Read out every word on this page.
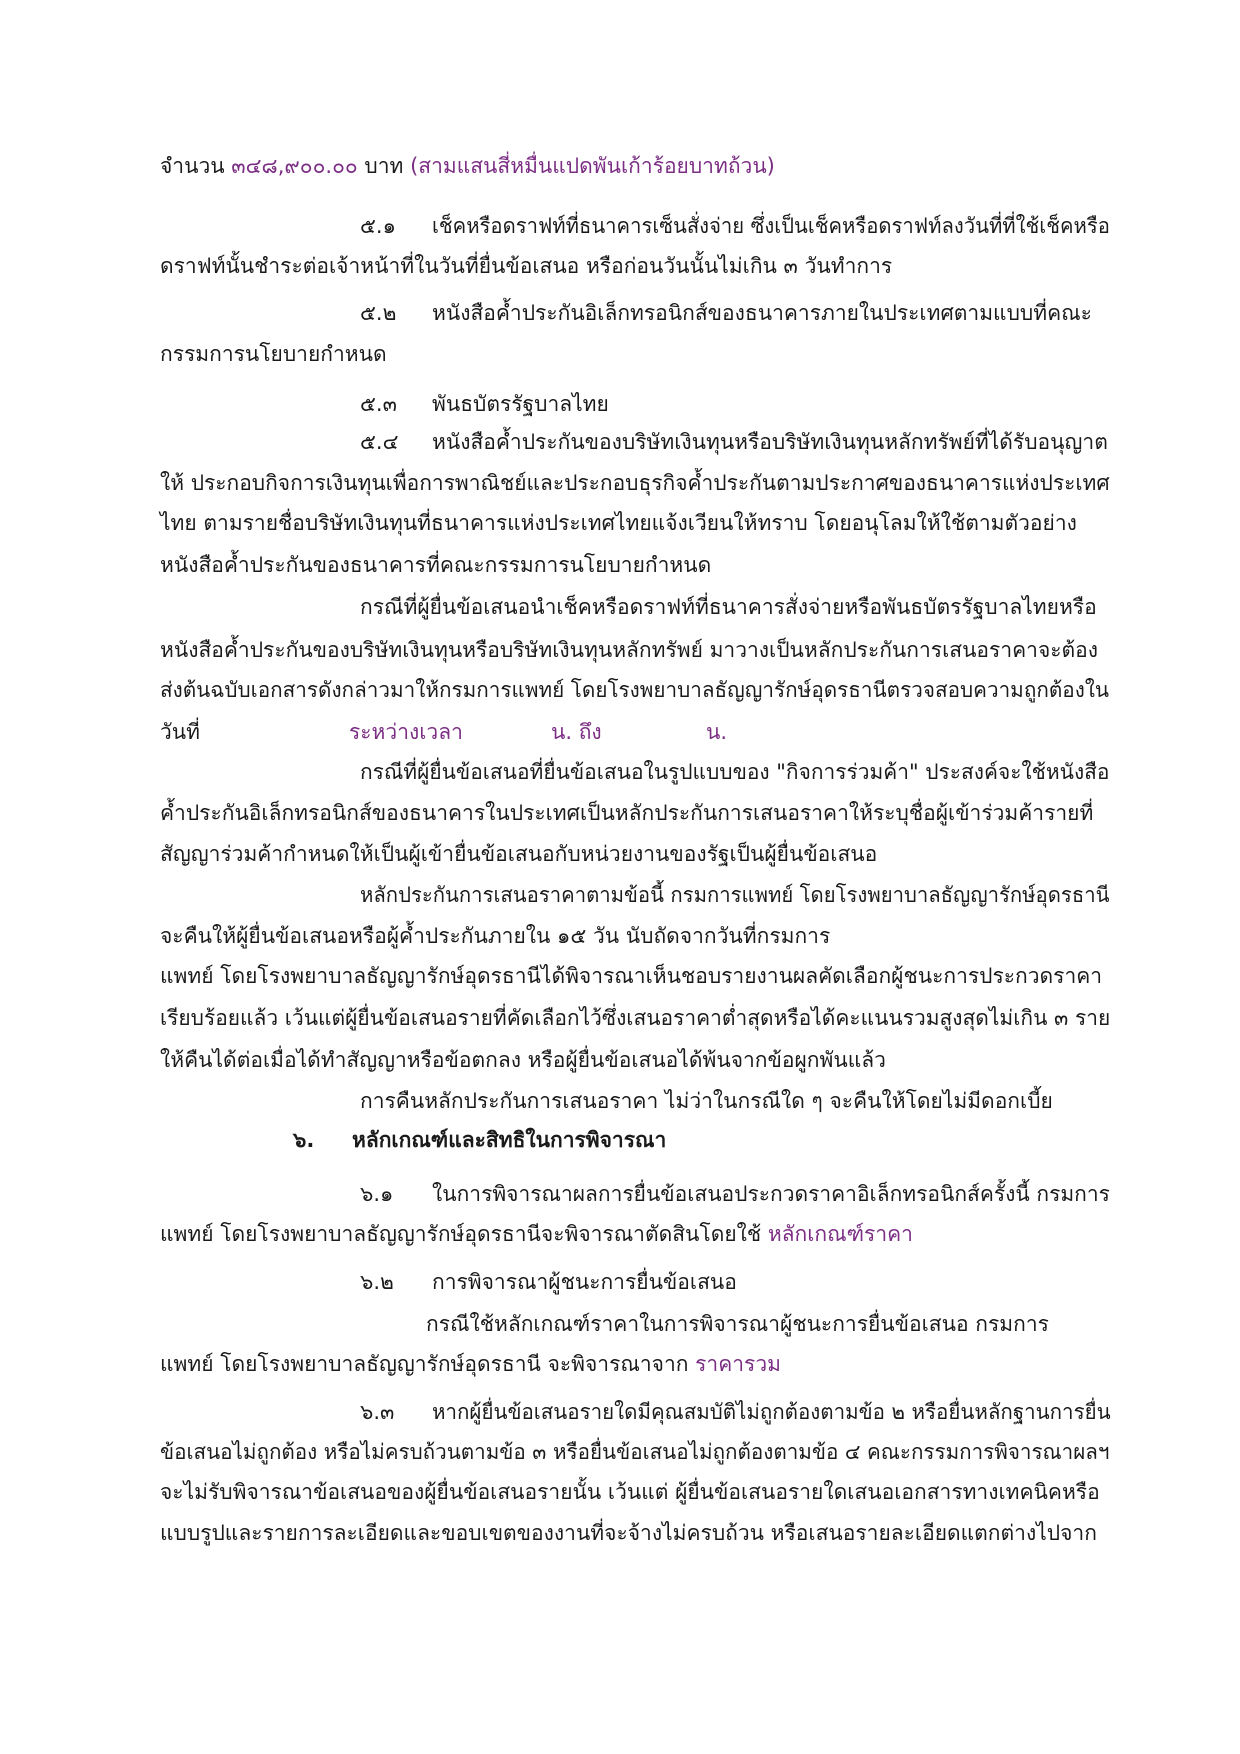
จำนวน ๓๔๘,๙๐๐.๐๐ บาท (สามแสนสี่หมื่นแปดพันเก้าร้อยบาทถ้วน)
๕.๑ เช็คหรือดราฟท์ที่ธนาคารเซ็นสั่งจ่าย ซึ่งเป็นเช็คหรือดราฟท์ลงวันที่ที่ใช้เช็คหรือ
ดราฟท์นั้นชำระต่อเจ้าหน้าที่ในวันที่ยื่นข้อเสนอ หรือก่อนวันนั้นไม่เกิน ๓ วันทำการ
๕.๒ หนังสือค้ำประกันอิเล็กทรอนิกส์ของธนาคารภายในประเทศตามแบบที่คณะ
กรรมการนโยบายกำหนด
๕.๓ พันธบัตรรัฐบาลไทย
๕.๔ หนังสือค้ำประกันของบริษัทเงินทุนหรือบริษัทเงินทุนหลักทรัพย์ที่ได้รับอนุญาต
ให้ ประกอบกิจการเงินทุนเพื่อการพาณิชย์และประกอบธุรกิจค้ำประกันตามประกาศของธนาคารแห่งประเทศ
ไทย ตามรายชื่อบริษัทเงินทุนที่ธนาคารแห่งประเทศไทยแจ้งเวียนให้ทราบ โดยอนุโลมให้ใช้ตามตัวอย่าง
หนังสือค้ำประกันของธนาคารที่คณะกรรมการนโยบายกำหนด
กรณีที่ผู้ยื่นข้อเสนอนำเช็คหรือดราฟท์ที่ธนาคารสั่งจ่ายหรือพันธบัตรรัฐบาลไทยหรือ
หนังสือค้ำประกันของบริษัทเงินทุนหรือบริษัทเงินทุนหลักทรัพย์ มาวางเป็นหลักประกันการเสนอราคาจะต้อง
ส่งต้นฉบับเอกสารดังกล่าวมาให้กรมการแพทย์ โดยโรงพยาบาลธัญญารักษ์อุดรธานีตรวจสอบความถูกต้องใน
วันที่	ระหว่างเวลา	น. ถึง	น.
กรณีที่ผู้ยื่นข้อเสนอที่ยื่นข้อเสนอในรูปแบบของ "กิจการร่วมค้า" ประสงค์จะใช้หนังสือ
ค้ำประกันอิเล็กทรอนิกส์ของธนาคารในประเทศเป็นหลักประกันการเสนอราคาให้ระบุชื่อผู้เข้าร่วมค้ารายที่
สัญญาร่วมค้ากำหนดให้เป็นผู้เข้ายื่นข้อเสนอกับหน่วยงานของรัฐเป็นผู้ยื่นข้อเสนอ
หลักประกันการเสนอราคาตามข้อนี้ กรมการแพทย์ โดยโรงพยาบาลธัญญารักษ์อุดรธานี
จะคืนให้ผู้ยื่นข้อเสนอหรือผู้ค้ำประกันภายใน ๑๕ วัน นับถัดจากวันที่กรมการ
แพทย์ โดยโรงพยาบาลธัญญารักษ์อุดรธานีได้พิจารณาเห็นชอบรายงานผลคัดเลือกผู้ชนะการประกวดราคา
เรียบร้อยแล้ว เว้นแต่ผู้ยื่นข้อเสนอรายที่คัดเลือกไว้ซึ่งเสนอราคาต่ำสุดหรือได้คะแนนรวมสูงสุดไม่เกิน ๓ ราย
ให้คืนได้ต่อเมื่อได้ทำสัญญาหรือข้อตกลง หรือผู้ยื่นข้อเสนอได้พ้นจากข้อผูกพันแล้ว
การคืนหลักประกันการเสนอราคา ไม่ว่าในกรณีใด ๆ จะคืนให้โดยไม่มีดอกเบี้ย
๖. หลักเกณฑ์และสิทธิในการพิจารณา
๖.๑ ในการพิจารณาผลการยื่นข้อเสนอประกวดราคาอิเล็กทรอนิกส์ครั้งนี้ กรมการ
แพทย์ โดยโรงพยาบาลธัญญารักษ์อุดรธานีจะพิจารณาตัดสินโดยใช้ หลักเกณฑ์ราคา
๖.๒ การพิจารณาผู้ชนะการยื่นข้อเสนอ
กรณีใช้หลักเกณฑ์ราคาในการพิจารณาผู้ชนะการยื่นข้อเสนอ กรมการ
แพทย์ โดยโรงพยาบาลธัญญารักษ์อุดรธานี จะพิจารณาจาก ราคารวม
๖.๓ หากผู้ยื่นข้อเสนอรายใดมีคุณสมบัติไม่ถูกต้องตามข้อ ๒ หรือยื่นหลักฐานการยื่น
ข้อเสนอไม่ถูกต้อง หรือไม่ครบถ้วนตามข้อ ๓ หรือยื่นข้อเสนอไม่ถูกต้องตามข้อ ๔ คณะกรรมการพิจารณาผลฯ
จะไม่รับพิจารณาข้อเสนอของผู้ยื่นข้อเสนอรายนั้น เว้นแต่ ผู้ยื่นข้อเสนอรายใดเสนอเอกสารทางเทคนิคหรือ
แบบรูปและรายการละเอียดและขอบเขตของงานที่จะจ้างไม่ครบถ้วน หรือเสนอรายละเอียดแตกต่างไปจาก
